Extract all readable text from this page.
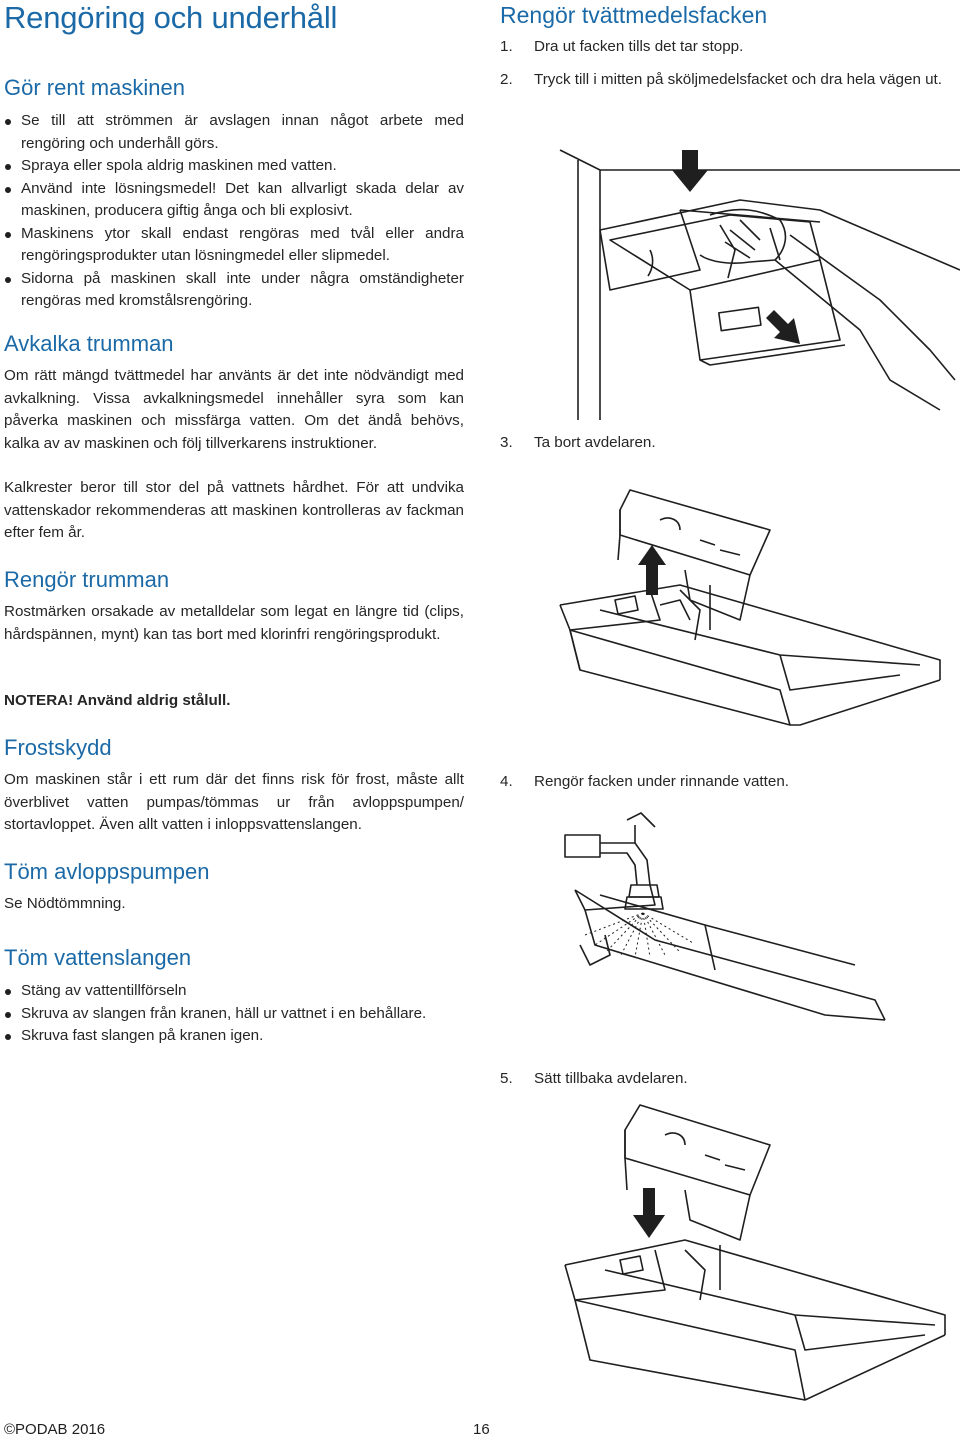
Rengöring och underhåll
Gör rent maskinen
Se till att strömmen är avslagen innan något arbete med rengöring och underhåll görs.
Spraya eller spola aldrig maskinen med vatten.
Använd inte lösningsmedel! Det kan allvarligt skada delar av maskinen, producera giftig ånga och bli explosivt.
Maskinens ytor skall endast rengöras med tvål eller andra rengöringsprodukter utan lösningmedel eller slipmedel.
Sidorna på maskinen skall inte under några omständigheter rengöras med kromstålsrengöring.
Avkalka trumman

Om rätt mängd tvättmedel har använts är det inte nödvändigt med avkalkning. Vissa avkalkningsmedel innehåller syra som kan påverka maskinen och missfärga vatten. Om det ändå behövs, kalka av av maskinen och följ tillverkarens instruktioner.

Kalkrester beror till stor del på vattnets hårdhet. För att undvika vattenskador rekommenderas att maskinen kontrolleras av fackman efter fem år.

Rengör trumman

Rostmärken orsakade av metalldelar som legat en längre tid (clips, hårdspännen, mynt) kan tas bort med klorinfri rengöringsprodukt.

NOTERA! Använd aldrig stålull.

Frostskydd

Om maskinen står i ett rum där det finns risk för frost, måste allt överblivet vatten pumpas/tömmas ur från avloppspumpen/ stortavloppet. Även allt vatten i inloppsvattenslangen.

Töm avloppspumpen

Se Nödtömmning.

Töm vattenslangen
Stäng av vattentillförseln
Skruva av slangen från kranen, häll ur vattnet i en behållare.
Skruva fast slangen på kranen igen.
Rengör tvättmedelsfacken
1.	Dra ut facken tills det tar stopp.
2.	Tryck till i mitten på sköljmedelsfacket och dra hela vägen ut.
3.	Ta bort avdelaren.
4.	Rengör facken under rinnande vatten.
5.	Sätt tillbaka avdelaren.
©PODAB 2016	16
